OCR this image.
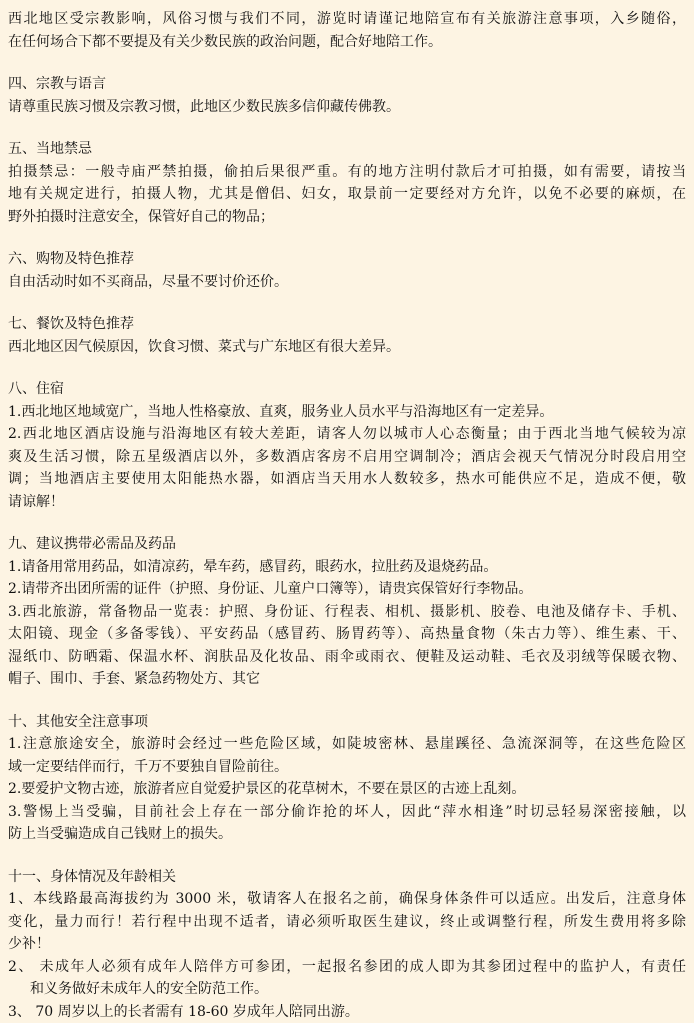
西北地区受宗教影响，风俗习惯与我们不同，游览时请谨记地陪宣布有关旅游注意事项，入乡随俗，
在任何场合下都不要提及有关少数民族的政治问题，配合好地陪工作。
四、宗教与语言
请尊重民族习惯及宗教习惯，此地区少数民族多信仰藏传佛教。
五、当地禁忌
拍摄禁忌：一般寺庙严禁拍摄，偷拍后果很严重。有的地方注明付款后才可拍摄，如有需要，请按当
地有关规定进行，拍摄人物，尤其是僧侣、妇女，取景前一定要经对方允许，以免不必要的麻烦，在
野外拍摄时注意安全，保管好自己的物品；
六、购物及特色推荐
自由活动时如不买商品，尽量不要讨价还价。
七、餐饮及特色推荐
西北地区因气候原因，饮食习惯、菜式与广东地区有很大差异。
八、住宿
1.西北地区地域宽广，当地人性格豪放、直爽，服务业人员水平与沿海地区有一定差异。
2.西北地区酒店设施与沿海地区有较大差距，请客人勿以城市人心态衡量；由于西北当地气候较为凉
爽及生活习惯，除五星级酒店以外，多数酒店客房不启用空调制冷；酒店会视天气情况分时段启用空
调；当地酒店主要使用太阳能热水器，如酒店当天用水人数较多，热水可能供应不足，造成不便，敬
请谅解！
九、建议携带必需品及药品
1.请备用常用药品，如清凉药，晕车药，感冒药，眼药水，拉肚药及退烧药品。
2.请带齐出团所需的证件（护照、身份证、儿童户口簿等），请贵宾保管好行李物品。
3.西北旅游，常备物品一览表：护照、身份证、行程表、相机、摄影机、胶卷、电池及储存卡、手机、
太阳镜、现金（多备零钱）、平安药品（感冒药、肠胃药等）、高热量食物（朱古力等）、维生素、干、
湿纸巾、防晒霜、保温水杯、润肤品及化妆品、雨伞或雨衣、便鞋及运动鞋、毛衣及羽绒等保暖衣物、
帽子、围巾、手套、紧急药物处方、其它
十、其他安全注意事项
1.注意旅途安全，旅游时会经过一些危险区域，如陡坡密林、悬崖蹊径、急流深洞等，在这些危险区
域一定要结伴而行，千万不要独自冒险前往。
2.要爱护文物古迹，旅游者应自觉爱护景区的花草树木，不要在景区的古迹上乱刻。
3.警惕上当受骗，目前社会上存在一部分偷诈抢的坏人，因此“萍水相逢”时切忌轻易深密接触，以
防上当受骗造成自己钱财上的损失。
十一、身体情况及年龄相关
1、本线路最高海拔约为 3000 米，敬请客人在报名之前，确保身体条件可以适应。出发后，注意身体
变化，量力而行！若行程中出现不适者，请必须听取医生建议，终止或调整行程，所发生费用将多除
少补！
2、 未成年人必须有成年人陪伴方可参团，一起报名参团的成人即为其参团过程中的监护人，有责任
和义务做好未成年人的安全防范工作。
3、 70 周岁以上的长者需有 18-60 岁成年人陪同出游。
